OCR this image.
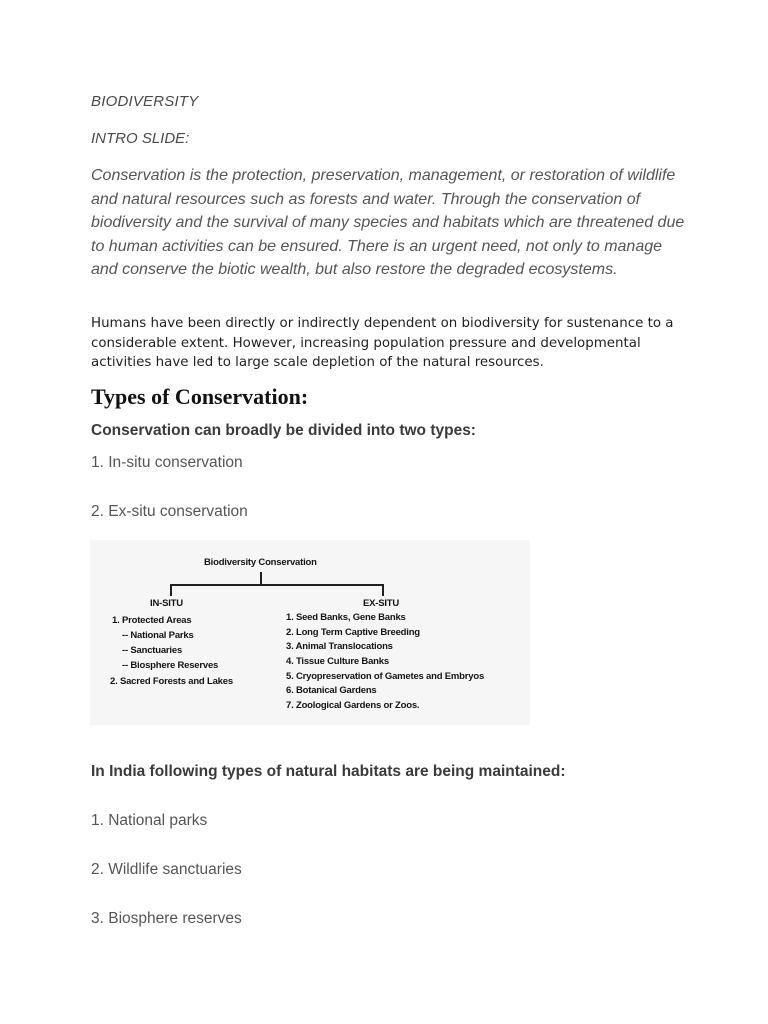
BIODIVERSITY

INTRO SLIDE:

Conservation is the protection, preservation, management, or restoration of wildlife and natural resources such as forests and water. Through the conservation of biodiversity and the survival of many species and habitats which are threatened due to human activities can be ensured. There is an urgent need, not only to manage and conserve the biotic wealth, but also restore the degraded ecosystems.

Humans have been directly or indirectly dependent on biodiversity for sustenance to a considerable extent. However, increasing population pressure and developmental activities have led to large scale depletion of the natural resources.

Types of Conservation:

Conservation can broadly be divided into two types:

1. In-situ conservation

2. Ex-situ conservation

Biodiversity Conservation
IN-SITU
1. Protected Areas
-- National Parks
-- Sanctuaries
-- Biosphere Reserves
2. Sacred Forests and Lakes
EX-SITU
1. Seed Banks, Gene Banks
2. Long Term Captive Breeding
3. Animal Translocations
4. Tissue Culture Banks
5. Cryopreservation of Gametes and Embryos
6. Botanical Gardens
7. Zoological Gardens or Zoos.

In India following types of natural habitats are being maintained:

1. National parks

2. Wildlife sanctuaries

3. Biosphere reserves
